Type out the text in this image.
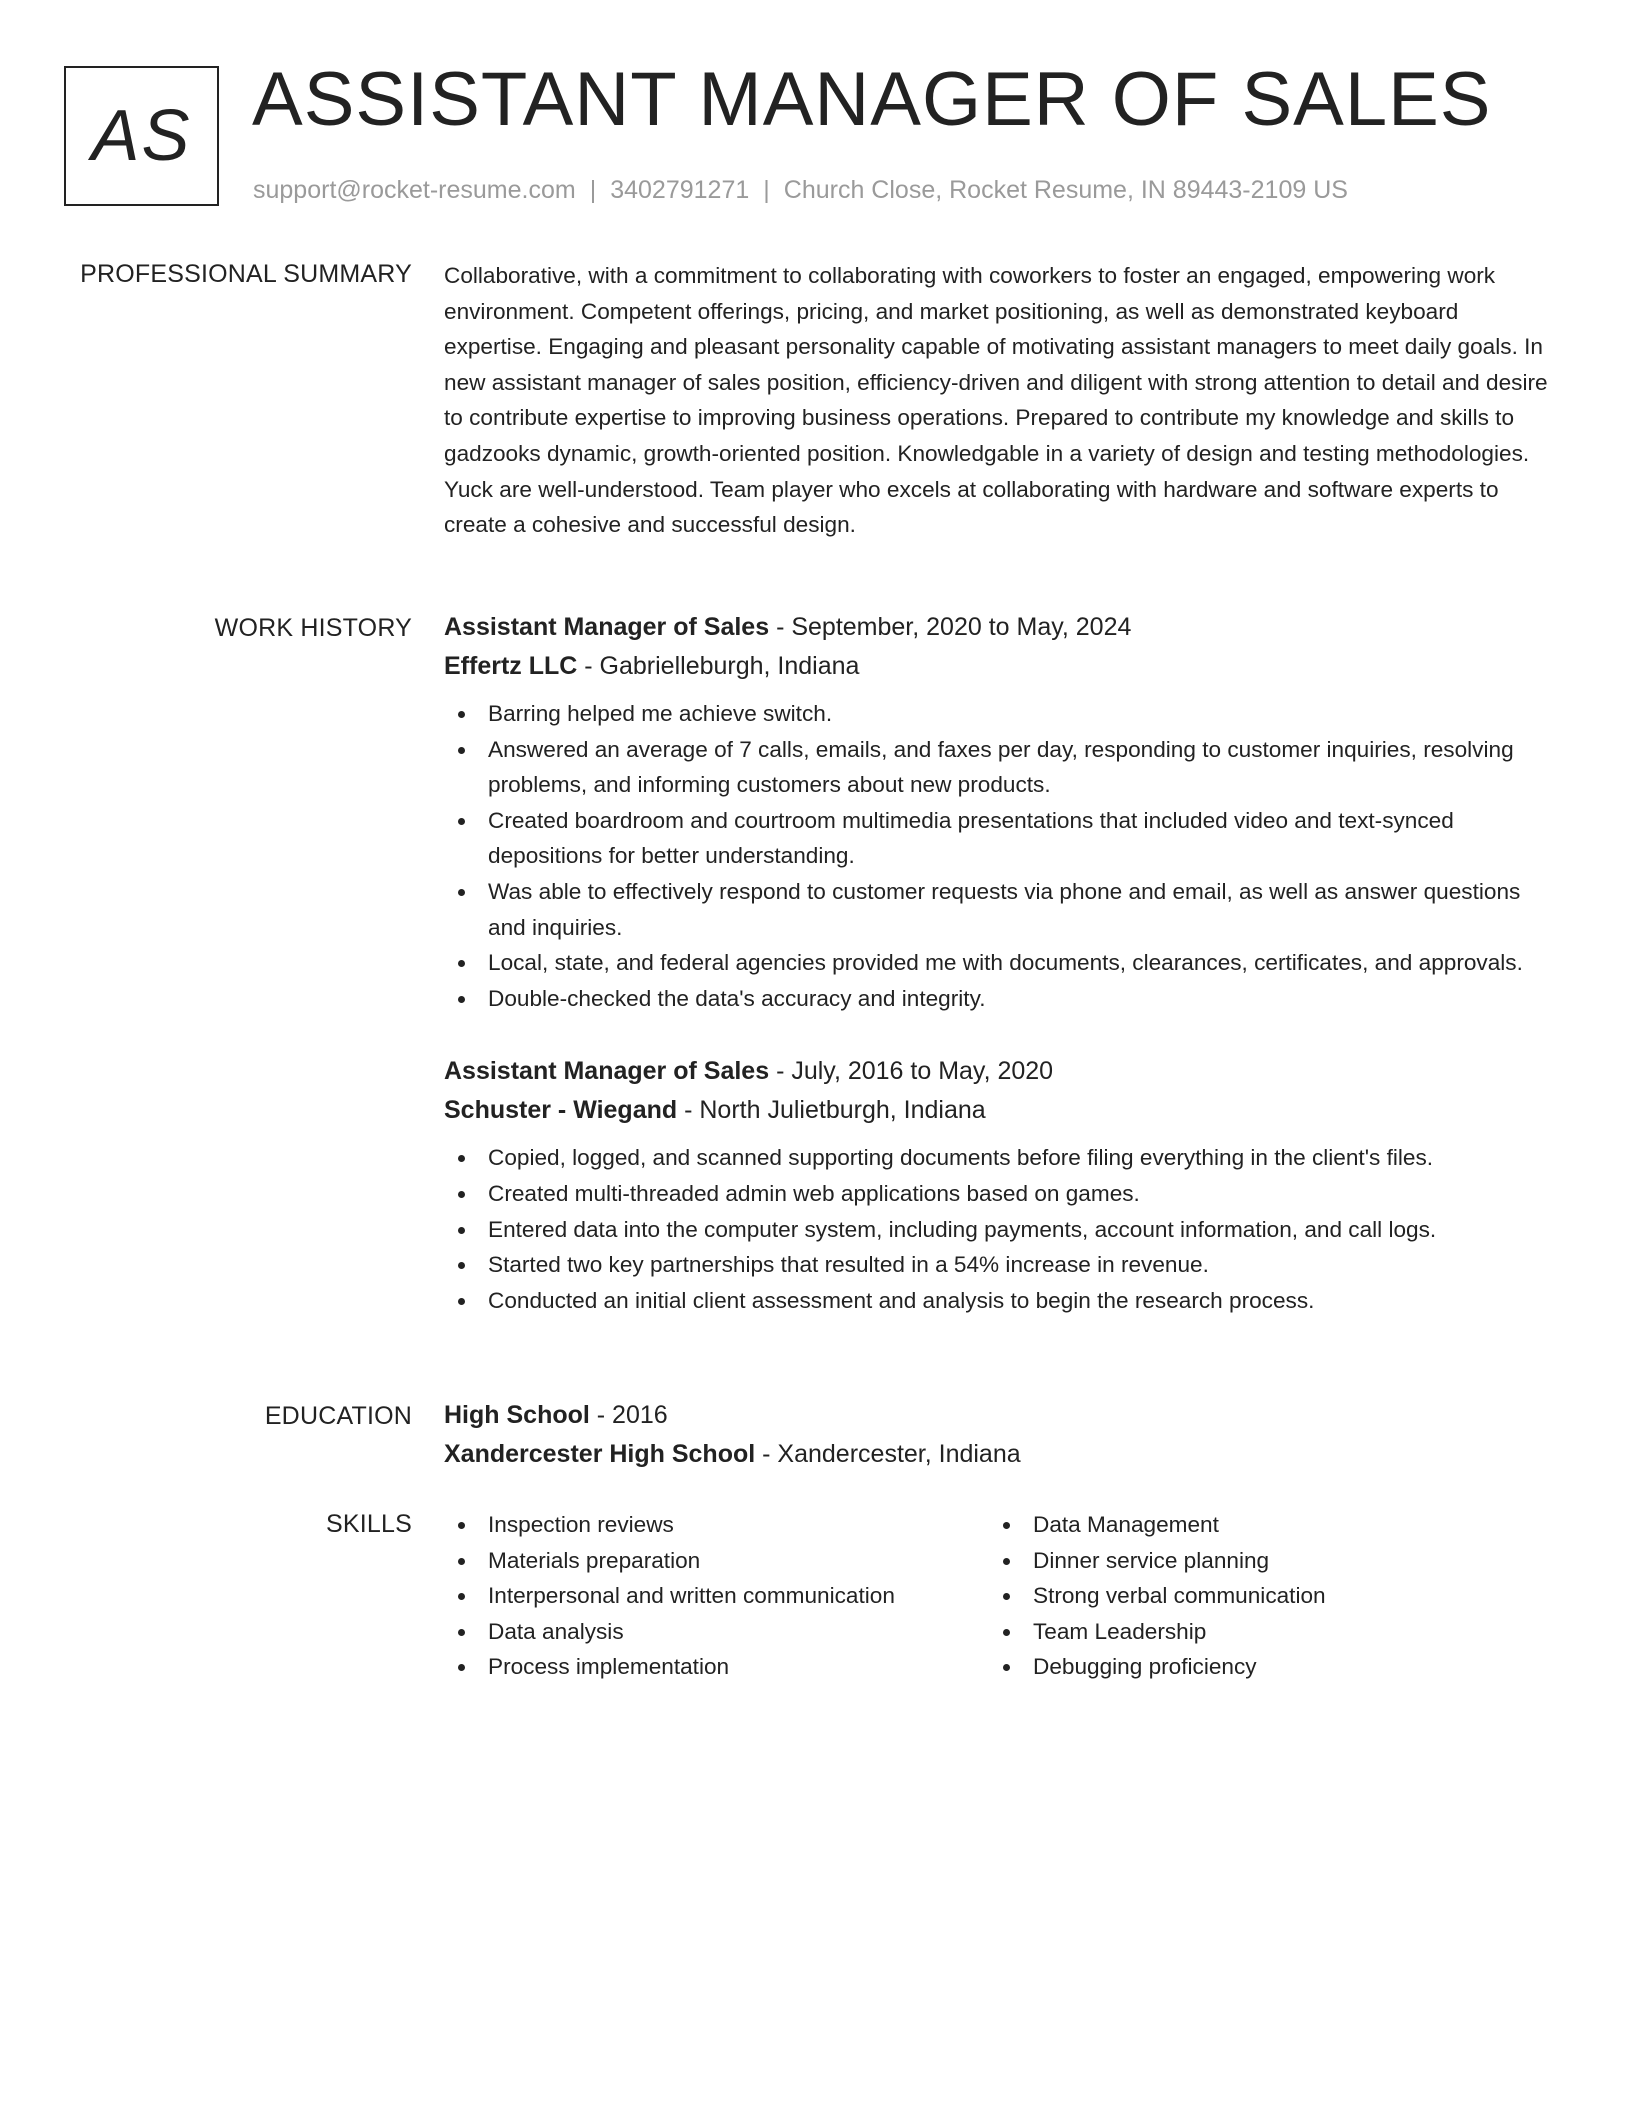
AS ASSISTANT MANAGER OF SALES
support@rocket-resume.com | 3402791271 | Church Close, Rocket Resume, IN 89443-2109 US
PROFESSIONAL SUMMARY Collaborative, with a commitment to collaborating with coworkers to foster an engaged, empowering work environment. Competent offerings, pricing, and market positioning, as well as demonstrated keyboard expertise. Engaging and pleasant personality capable of motivating assistant managers to meet daily goals. In new assistant manager of sales position, efficiency-driven and diligent with strong attention to detail and desire to contribute expertise to improving business operations. Prepared to contribute my knowledge and skills to gadzooks dynamic, growth-oriented position. Knowledgable in a variety of design and testing methodologies. Yuck are well-understood. Team player who excels at collaborating with hardware and software experts to create a cohesive and successful design.

WORK HISTORY Assistant Manager of Sales - September, 2020 to May, 2024
Effertz LLC - Gabrielleburgh, Indiana
Barring helped me achieve switch.
Answered an average of 7 calls, emails, and faxes per day, responding to customer inquiries, resolving problems, and informing customers about new products.
Created boardroom and courtroom multimedia presentations that included video and text-synced depositions for better understanding.
Was able to effectively respond to customer requests via phone and email, as well as answer questions and inquiries.
Local, state, and federal agencies provided me with documents, clearances, certificates, and approvals.
Double-checked the data's accuracy and integrity.
Assistant Manager of Sales - July, 2016 to May, 2020
Schuster - Wiegand - North Julietburgh, Indiana
Copied, logged, and scanned supporting documents before filing everything in the client's files.
Created multi-threaded admin web applications based on games.
Entered data into the computer system, including payments, account information, and call logs.
Started two key partnerships that resulted in a 54% increase in revenue.
Conducted an initial client assessment and analysis to begin the research process.
EDUCATION High School - 2016
Xandercester High School - Xandercester, Indiana
SKILLS	Inspection reviews
Materials preparation
Interpersonal and written communication
Data analysis
Process implementation
Data Management
Dinner service planning
Strong verbal communication
Team Leadership
Debugging proficiency
